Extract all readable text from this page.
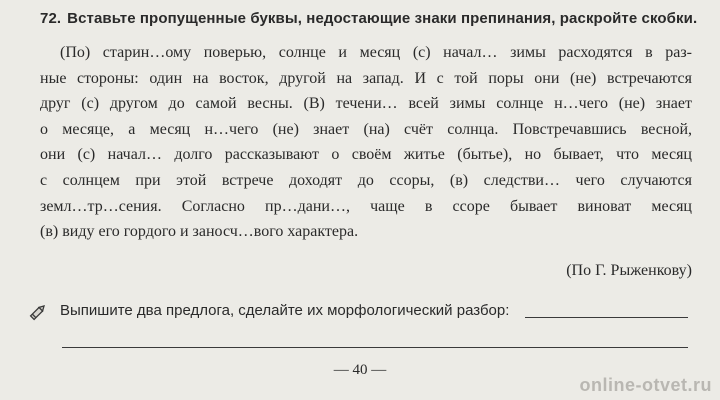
72. Вставьте пропущенные буквы, недостающие знаки препинания, раскройте скобки.
(По) старин…ому поверью, солнце и месяц (с) начал… зимы расходятся в раз-
ные стороны: один на восток, другой на запад. И с той поры они (не) встречаются
друг (с) другом до самой весны. (В) течени… всей зимы солнце н…чего (не) знает
о месяце, а месяц н…чего (не) знает (на) счёт солнца. Повстречавшись весной,
они (с) начал… долго рассказывают о своём житье (бытье), но бывает, что месяц
с солнцем при этой встрече доходят до ссоры, (в) следстви… чего случаются
земл…тр…сения. Согласно пр…дани…, чаще в ссоре бывает виноват месяц
(в) виду его гордого и заносч…вого характера.
(По Г. Рыженкову)
Выпишите два предлога, сделайте их морфологический разбор:
— 40 —
online-otvet.ru
